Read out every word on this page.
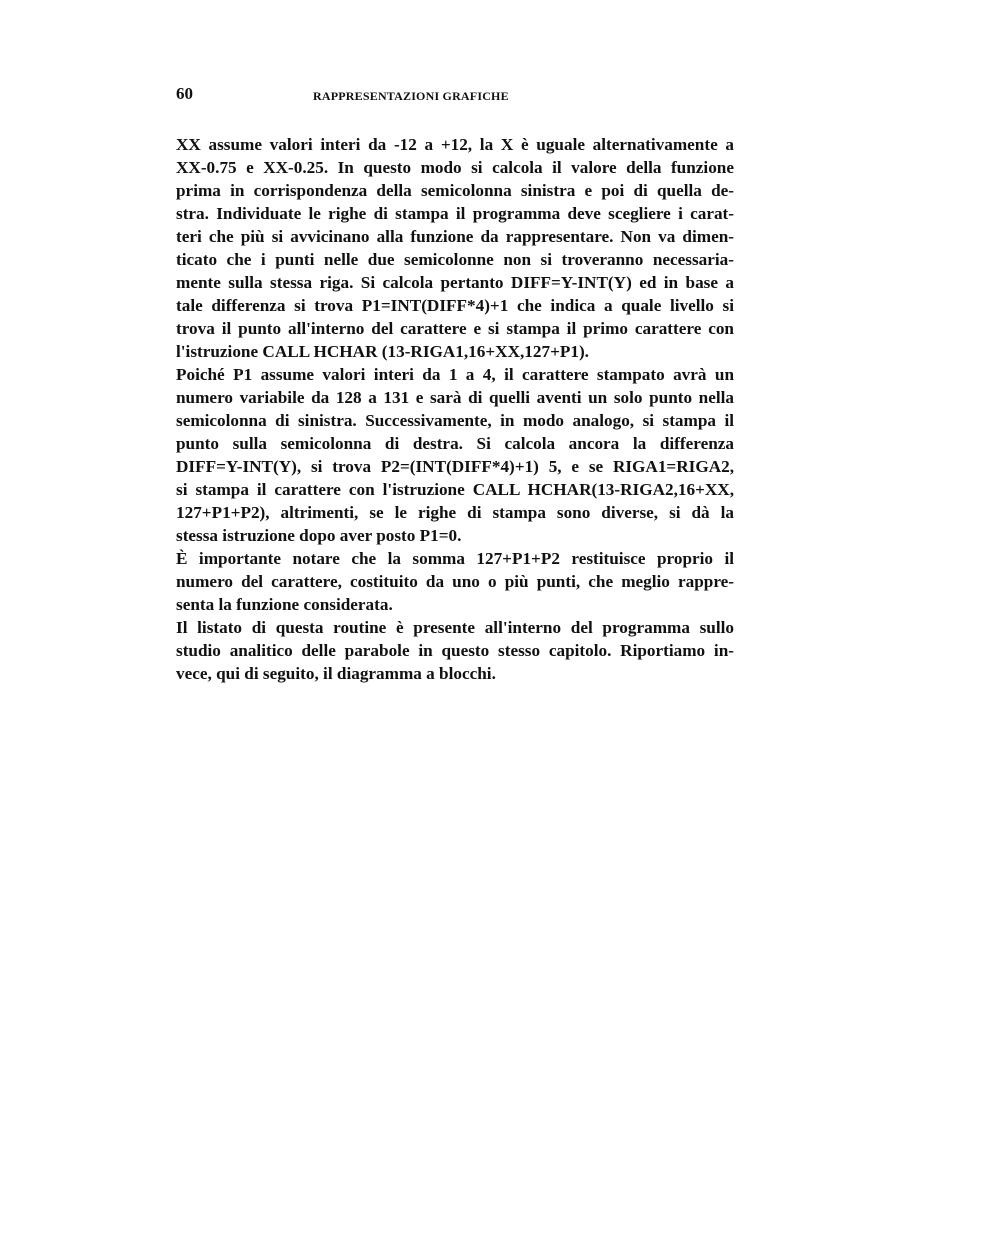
60	RAPPRESENTAZIONI GRAFICHE
XX assume valori interi da -12 a +12, la X è uguale alternativamente a
XX-0.75 e XX-0.25. In questo modo si calcola il valore della funzione
prima in corrispondenza della semicolonna sinistra e poi di quella de-
stra. Individuate le righe di stampa il programma deve scegliere i carat-
teri che più si avvicinano alla funzione da rappresentare. Non va dimen-
ticato che i punti nelle due semicolonne non si troveranno necessaria-
mente sulla stessa riga. Si calcola pertanto DIFF=Y-INT(Y) ed in base a
tale differenza si trova P1=INT(DIFF*4)+1 che indica a quale livello si
trova il punto all'interno del carattere e si stampa il primo carattere con
l'istruzione CALL HCHAR (13-RIGA1,16+XX,127+P1).
Poiché P1 assume valori interi da 1 a 4, il carattere stampato avrà un
numero variabile da 128 a 131 e sarà di quelli aventi un solo punto nella
semicolonna di sinistra. Successivamente, in modo analogo, si stampa il
punto sulla semicolonna di destra. Si calcola ancora la differenza
DIFF=Y-INT(Y), si trova P2=(INT(DIFF*4)+1) 5, e se RIGA1=RIGA2,
si stampa il carattere con l'istruzione CALL HCHAR(13-RIGA2,16+XX,
127+P1+P2), altrimenti, se le righe di stampa sono diverse, si dà la
stessa istruzione dopo aver posto P1=0.
È importante notare che la somma 127+P1+P2 restituisce proprio il
numero del carattere, costituito da uno o più punti, che meglio rappre-
senta la funzione considerata.
Il listato di questa routine è presente all'interno del programma sullo
studio analitico delle parabole in questo stesso capitolo. Riportiamo in-
vece, qui di seguito, il diagramma a blocchi.
